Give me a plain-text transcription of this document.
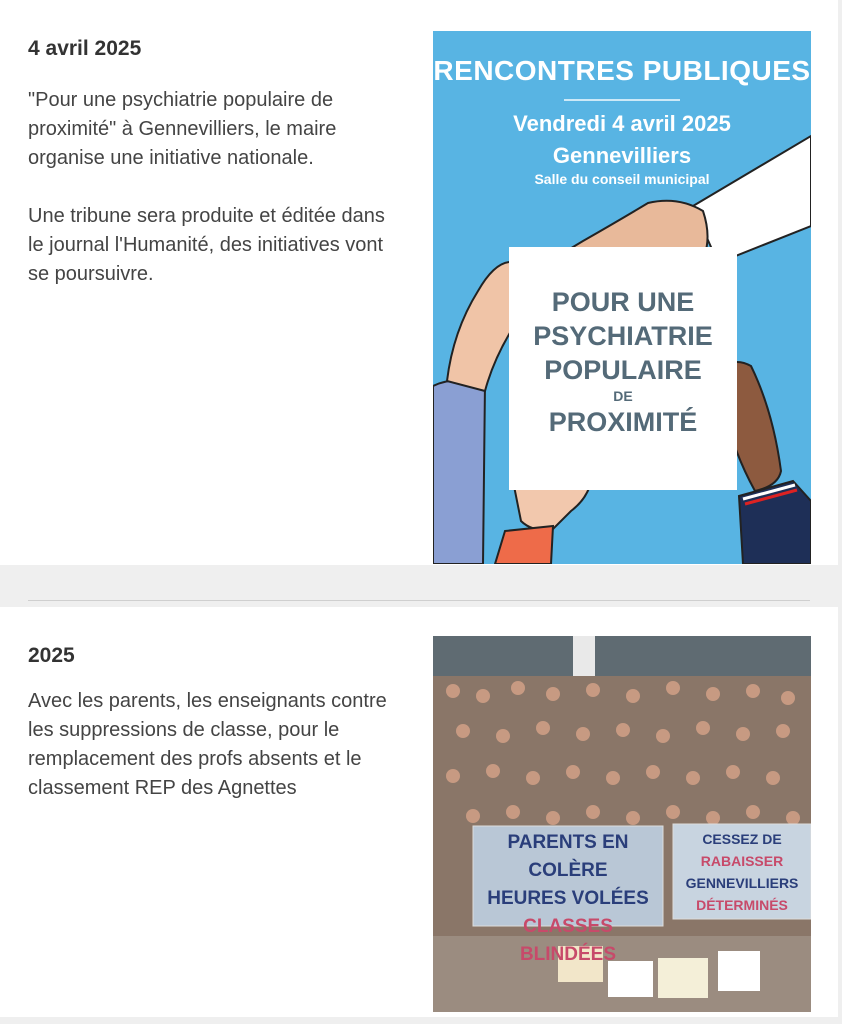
4 avril 2025

"Pour une psychiatrie populaire de proximité" à Gennevilliers, le maire organise une initiative nationale.

Une tribune sera produite et éditée dans le journal l'Humanité, des initiatives vont se poursuivre.

RENCONTRES PUBLIQUES
Vendredi 4 avril 2025
Gennevilliers
Salle du conseil municipal
POUR UNE
PSYCHIATRIE
POPULAIRE
DE
PROXIMITÉ
2025

Avec les parents, les enseignants contre les suppressions de classe, pour le remplacement des profs absents et le classement REP des Agnettes

PARENTS EN COLÈRE
HEURES VOLÉES
CLASSES BLINDÉES
CESSEZ DE
RABAISSER
GENNEVILLIERS
DÉTERMINÉS
